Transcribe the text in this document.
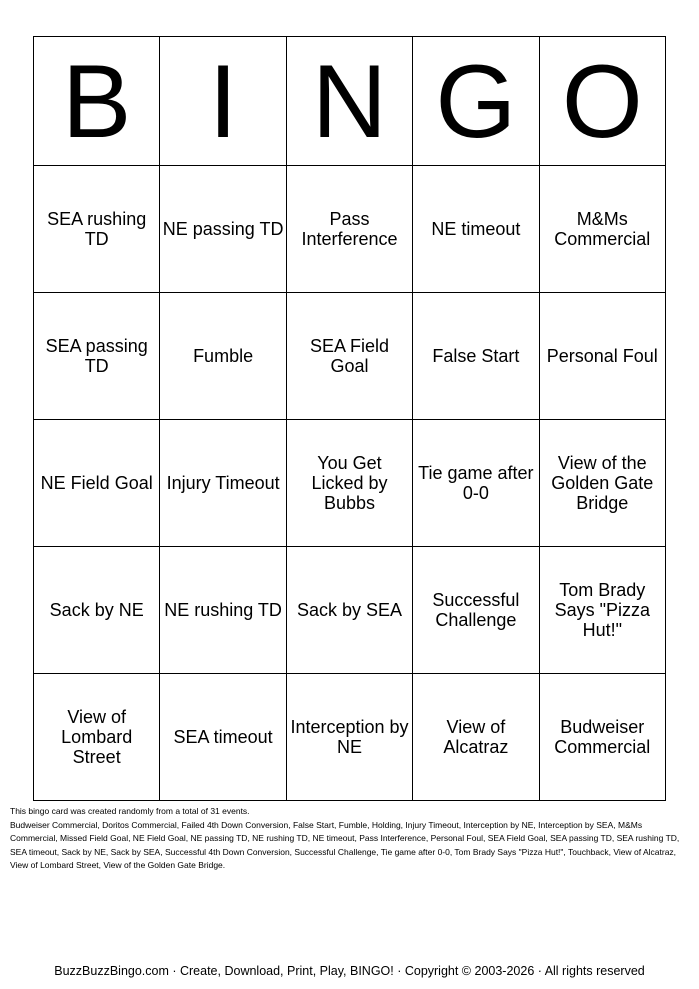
B	I	N	G	O
SEA rushing TD	NE passing TD	Pass Interference	NE timeout	M&Ms Commercial
SEA passing TD	Fumble	SEA Field Goal	False Start	Personal Foul
NE Field Goal	Injury Timeout	You Get Licked by Bubbs	Tie game after 0-0	View of the Golden Gate Bridge
Sack by NE	NE rushing TD	Sack by SEA	Successful Challenge	Tom Brady Says "Pizza Hut!"
View of Lombard Street	SEA timeout	Interception by NE	View of Alcatraz	Budweiser Commercial

This bingo card was created randomly from a total of 31 events.

Budweiser Commercial, Doritos Commercial, Failed 4th Down Conversion, False Start, Fumble, Holding, Injury Timeout, Interception by NE, Interception by SEA, M&Ms Commercial, Missed Field Goal, NE Field Goal, NE passing TD, NE rushing TD, NE timeout, Pass Interference, Personal Foul, SEA Field Goal, SEA passing TD, SEA rushing TD, SEA timeout, Sack by NE, Sack by SEA, Successful 4th Down Conversion, Successful Challenge, Tie game after 0-0, Tom Brady Says "Pizza Hut!", Touchback, View of Alcatraz, View of Lombard Street, View of the Golden Gate Bridge.

BuzzBuzzBingo.com · Create, Download, Print, Play, BINGO! · Copyright © 2003-2026 · All rights reserved
